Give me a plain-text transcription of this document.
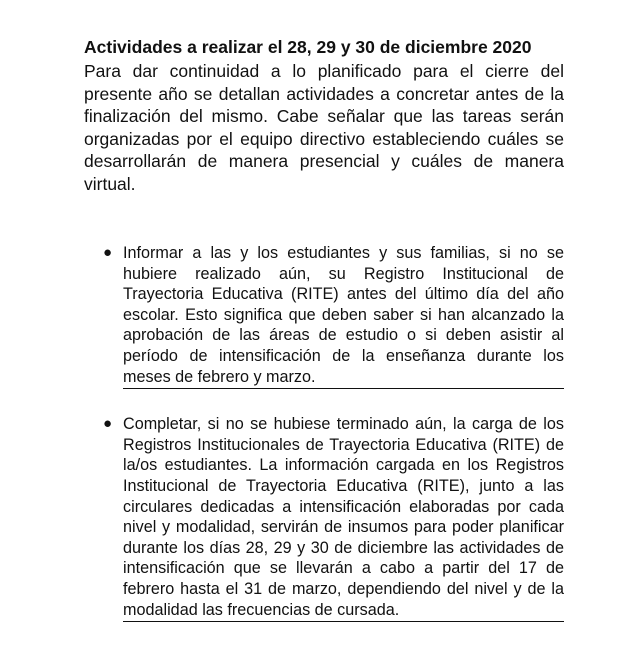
Actividades a realizar el 28, 29 y 30 de diciembre 2020

Para dar continuidad a lo planificado para el cierre del presente año se detallan actividades a concretar antes de la finalización del mismo. Cabe señalar que las tareas serán organizadas por el equipo directivo estableciendo cuáles se desarrollarán de manera presencial y cuáles de manera virtual.

● Informar a las y los estudiantes y sus familias, si no se hubiere realizado aún, su Registro Institucional de Trayectoria Educativa (RITE) antes del último día del año escolar. Esto significa que deben saber si han alcanzado la aprobación de las áreas de estudio o si deben asistir al período de intensificación de la enseñanza durante los meses de febrero y marzo.
● Completar, si no se hubiese terminado aún, la carga de los Registros Institucionales de Trayectoria Educativa (RITE) de la/os estudiantes. La información cargada en los Registros Institucional de Trayectoria Educativa (RITE), junto a las circulares dedicadas a intensificación elaboradas por cada nivel y modalidad, servirán de insumos para poder planificar durante los días 28, 29 y 30 de diciembre las actividades de intensificación que se llevarán a cabo a partir del 17 de febrero hasta el 31 de marzo, dependiendo del nivel y de la modalidad las frecuencias de cursada.
